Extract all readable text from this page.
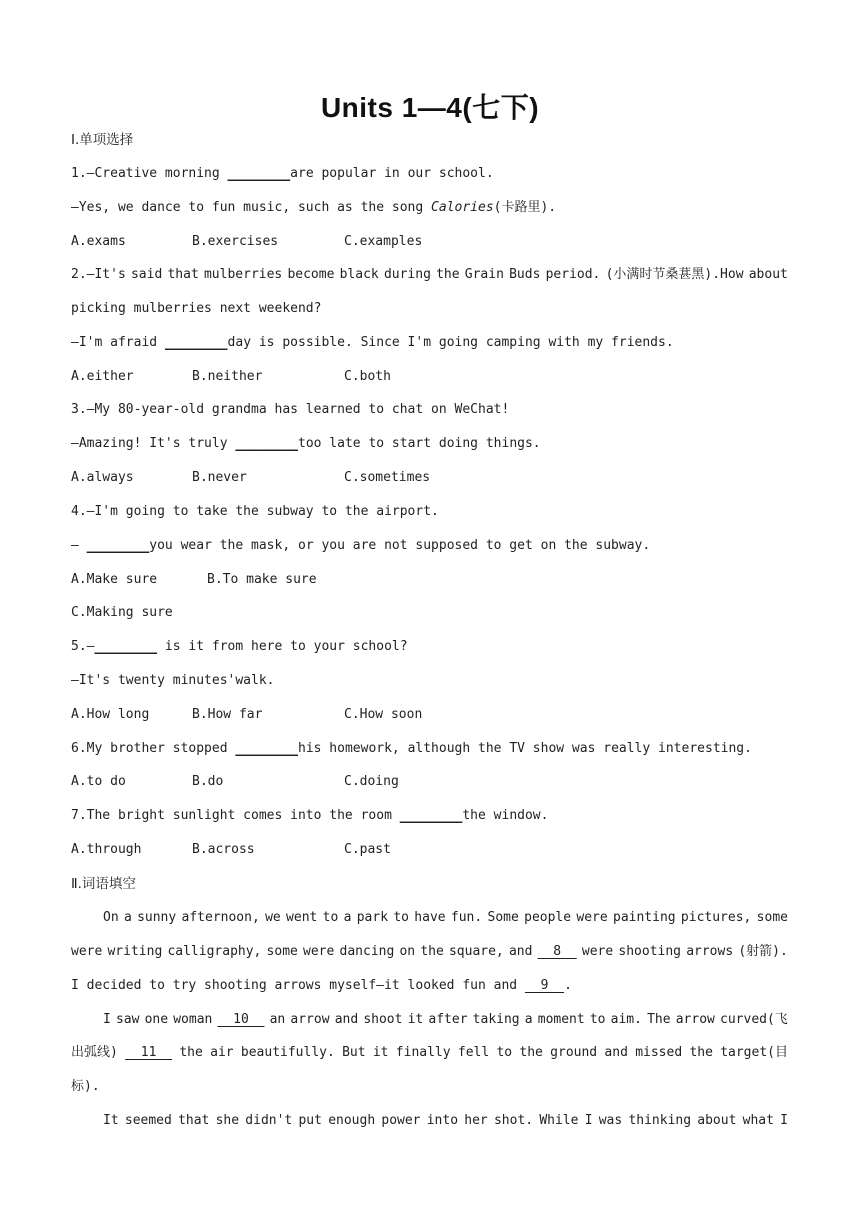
Units 1—4(七下)
Ⅰ.单项选择
1.—Creative morning ________are popular in our school.
—Yes, we dance to fun music, such as the song Calories(卡路里).
A.exams	B.exercises	C.examples
2.—It's said that mulberries become black during the Grain Buds period. (小满时节桑葚黑).How about
picking mulberries next weekend?
—I'm afraid ________day is possible. Since I'm going camping with my friends.
A.either	B.neither	C.both
3.—My 80-year-old grandma has learned to chat on WeChat!
—Amazing! It's truly ________too late to start doing things.
A.always	B.never	C.sometimes
4.—I'm going to take the subway to the airport.
— ________you wear the mask, or you are not supposed to get on the subway.
A.Make sure	B.To make sure
C.Making sure
5.—________ is it from here to your school?
—It's twenty minutes'walk.
A.How long	B.How far	C.How soon
6.My brother stopped ________his homework, although the TV show was really interesting.
A.to do	B.do	C.doing
7.The bright sunlight comes into the room ________the window.
A.through	B.across	C.past
Ⅱ.词语填空
On a sunny afternoon, we went to a park to have fun. Some people were painting pictures, some
were writing calligraphy, some were dancing on the square, and 8 were shooting arrows (射箭).
I decided to try shooting arrows myself—it looked fun and   9  .
I saw one woman 10 an arrow and shoot it after taking a moment to aim. The arrow curved(飞
出弧线) 11 the air beautifully. But it finally fell to the ground and missed the target(目
标).
It seemed that she didn't put enough power into her shot. While I was thinking about what I
